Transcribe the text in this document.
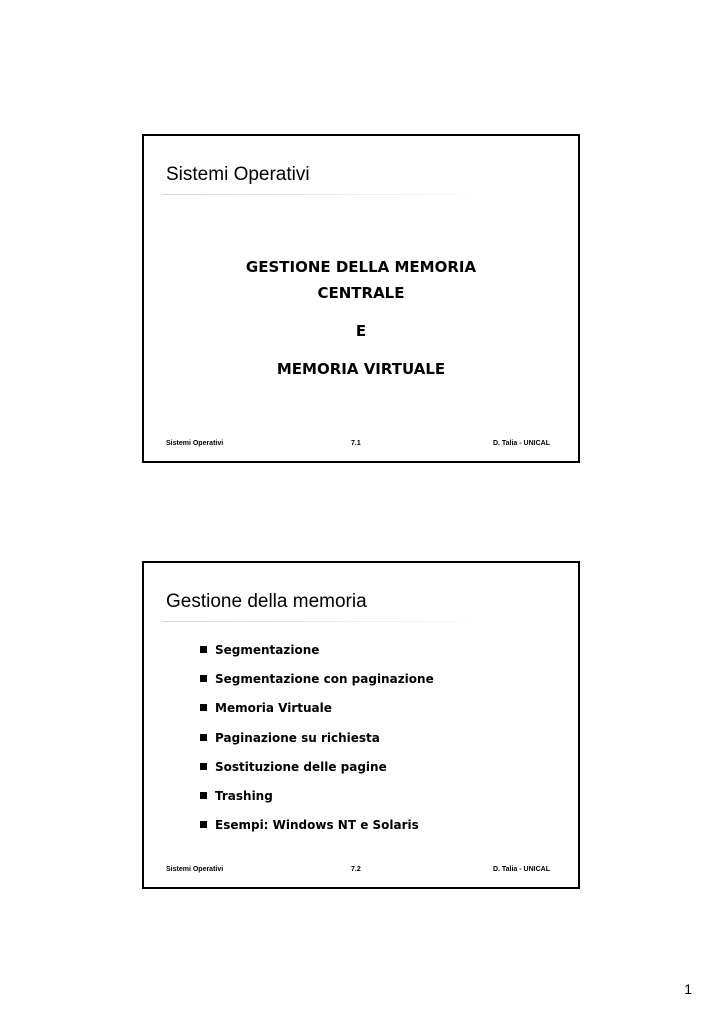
Sistemi Operativi
GESTIONE DELLA MEMORIA
CENTRALE
E
MEMORIA VIRTUALE
Sistemi Operativi	7.1	D. Talia - UNICAL
Gestione della memoria
Segmentazione
Segmentazione con paginazione
Memoria Virtuale
Paginazione su richiesta
Sostituzione delle pagine
Trashing
Esempi: Windows NT e Solaris
Sistemi Operativi	7.2	D. Talia - UNICAL
1
